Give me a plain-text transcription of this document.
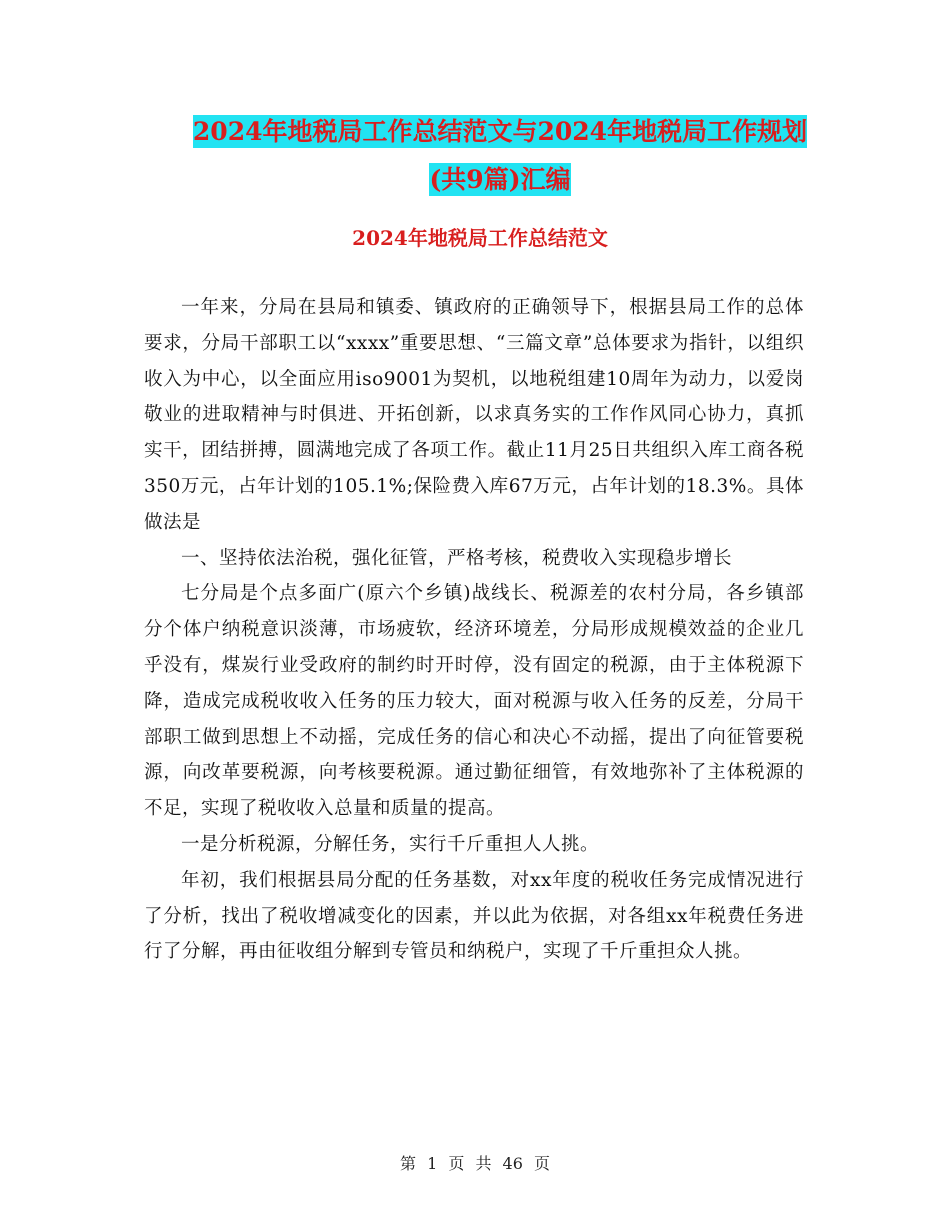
2024年地税局工作总结范文与2024年地税局工作规划
(共9篇)汇编
2024年地税局工作总结范文

一年来，分局在县局和镇委、镇政府的正确领导下，根据县局工作的总体要求，分局干部职工以“xxxx”重要思想、“三篇文章”总体要求为指针，以组织收入为中心，以全面应用iso9001为契机，以地税组建10周年为动力，以爱岗敬业的进取精神与时俱进、开拓创新，以求真务实的工作作风同心协力，真抓实干，团结拼搏，圆满地完成了各项工作。截止11月25日共组织入库工商各税350万元，占年计划的105.1%;保险费入库67万元，占年计划的18.3%。具体做法是

一、坚持依法治税，强化征管，严格考核，税费收入实现稳步增长

七分局是个点多面广(原六个乡镇)战线长、税源差的农村分局，各乡镇部分个体户纳税意识淡薄，市场疲软，经济环境差，分局形成规模效益的企业几乎没有，煤炭行业受政府的制约时开时停，没有固定的税源，由于主体税源下降，造成完成税收收入任务的压力较大，面对税源与收入任务的反差，分局干部职工做到思想上不动摇，完成任务的信心和决心不动摇，提出了向征管要税源，向改革要税源，向考核要税源。通过勤征细管，有效地弥补了主体税源的不足，实现了税收收入总量和质量的提高。

一是分析税源，分解任务，实行千斤重担人人挑。

年初，我们根据县局分配的任务基数，对xx年度的税收任务完成情况进行了分析，找出了税收增减变化的因素，并以此为依据，对各组xx年税费任务进行了分解，再由征收组分解到专管员和纳税户，实现了千斤重担众人挑。

第 1 页 共 46 页
